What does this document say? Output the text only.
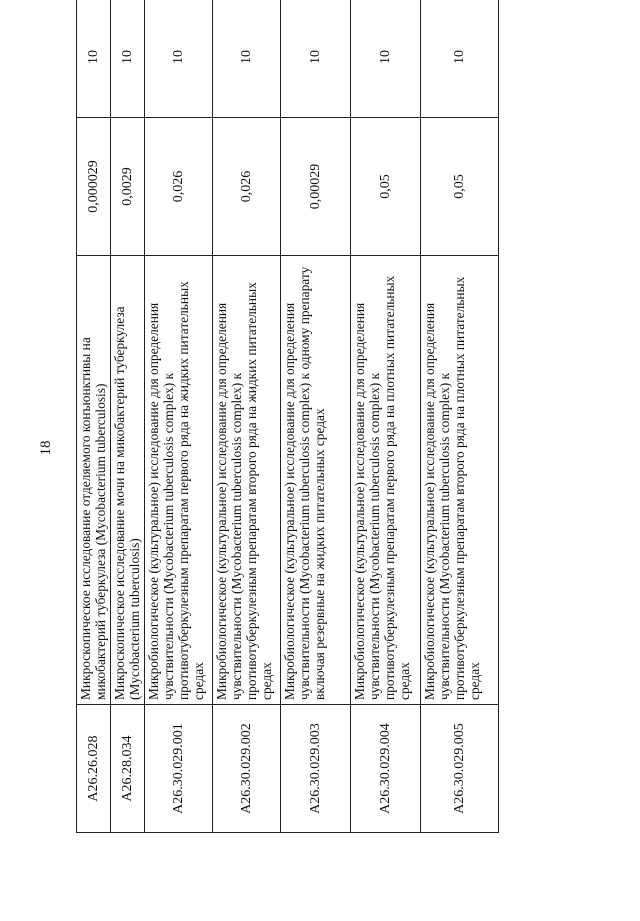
18
A26.26.028	Микроскопическое исследование отделяемого конъюнктивы на микобактерий туберкулеза (Mycobacterium tuberculosis)	0,000029	10
A26.28.034	Микроскопическое исследование мочи на микобактерий туберкулеза (Mycobacterium tuberculosis)	0,0029	10
A26.30.029.001	Микробиологическое (культуральное) исследование для определения чувствительности (Mycobacterium tuberculosis complex) к противотуберкулезным препаратам первого ряда на жидких питательных средах	0,026	10
A26.30.029.002	Микробиологическое (культуральное) исследование для определения чувствительности (Mycobacterium tuberculosis complex) к противотуберкулезным препаратам второго ряда на жидких питательных средах	0,026	10
A26.30.029.003	Микробиологическое (культуральное) исследование для определения чувствительности (Mycobacterium tuberculosis complex) к одному препарату включая резервные на жидких питательных средах	0,00029	10
A26.30.029.004	Микробиологическое (культуральное) исследование для определения чувствительности (Mycobacterium tuberculosis complex) к противотуберкулезным препаратам первого ряда на плотных питательных средах	0,05	10
A26.30.029.005	Микробиологическое (культуральное) исследование для определения чувствительности (Mycobacterium tuberculosis complex) к противотуберкулезным препаратам второго ряда на плотных питательных средах	0,05	10
